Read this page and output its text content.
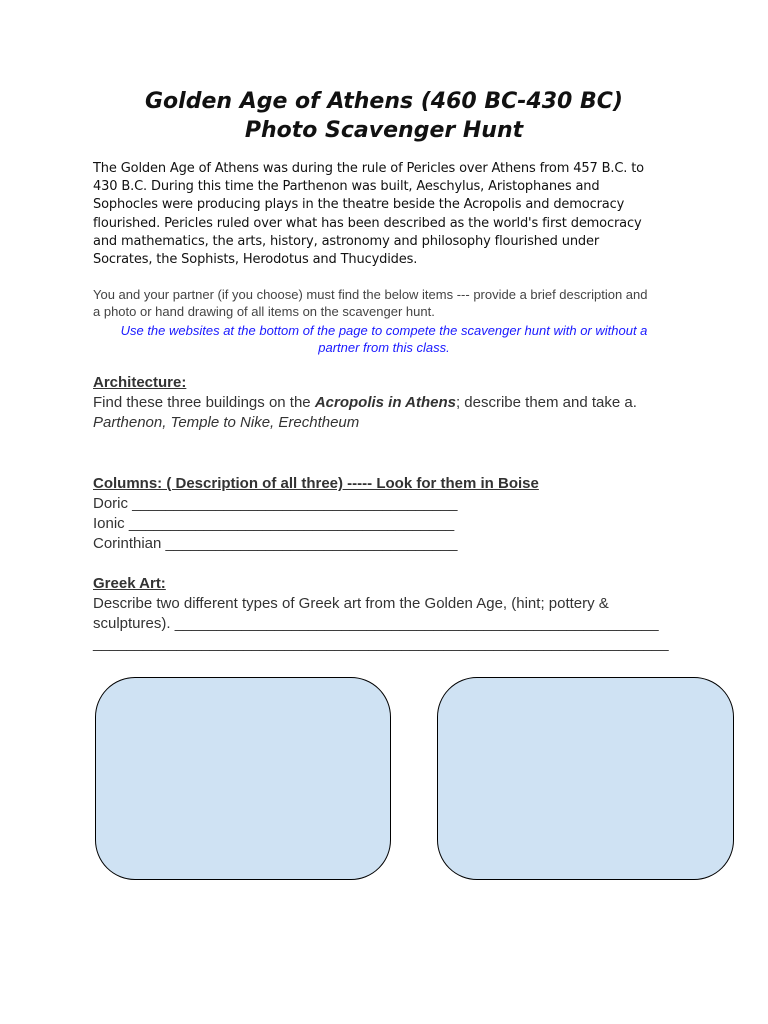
Golden Age of Athens (460 BC-430 BC)
Photo Scavenger Hunt

The Golden Age of Athens was during the rule of Pericles over Athens from 457 B.C. to
430 B.C. During this time the Parthenon was built, Aeschylus, Aristophanes and
Sophocles were producing plays in the theatre beside the Acropolis and democracy
flourished. Pericles ruled over what has been described as the world's first democracy
and mathematics, the arts, history, astronomy and philosophy flourished under
Socrates, the Sophists, Herodotus and Thucydides.

You and your partner (if you choose) must find the below items --- provide a brief description and
a photo or hand drawing of all items on the scavenger hunt.

Use the websites at the bottom of the page to compete the scavenger hunt with or without a
partner from this class.

Architecture:

Find these three buildings on the Acropolis in Athens; describe them and take a.

Parthenon, Temple to Nike, Erechtheum

Columns: ( Description of all three) ----- Look for them in Boise

Doric _______________________________________

Ionic _______________________________________

Corinthian ___________________________________

Greek Art:

Describe two different types of Greek art from the Golden Age, (hint; pottery &

sculptures). __________________________________________________________

_____________________________________________________________________
